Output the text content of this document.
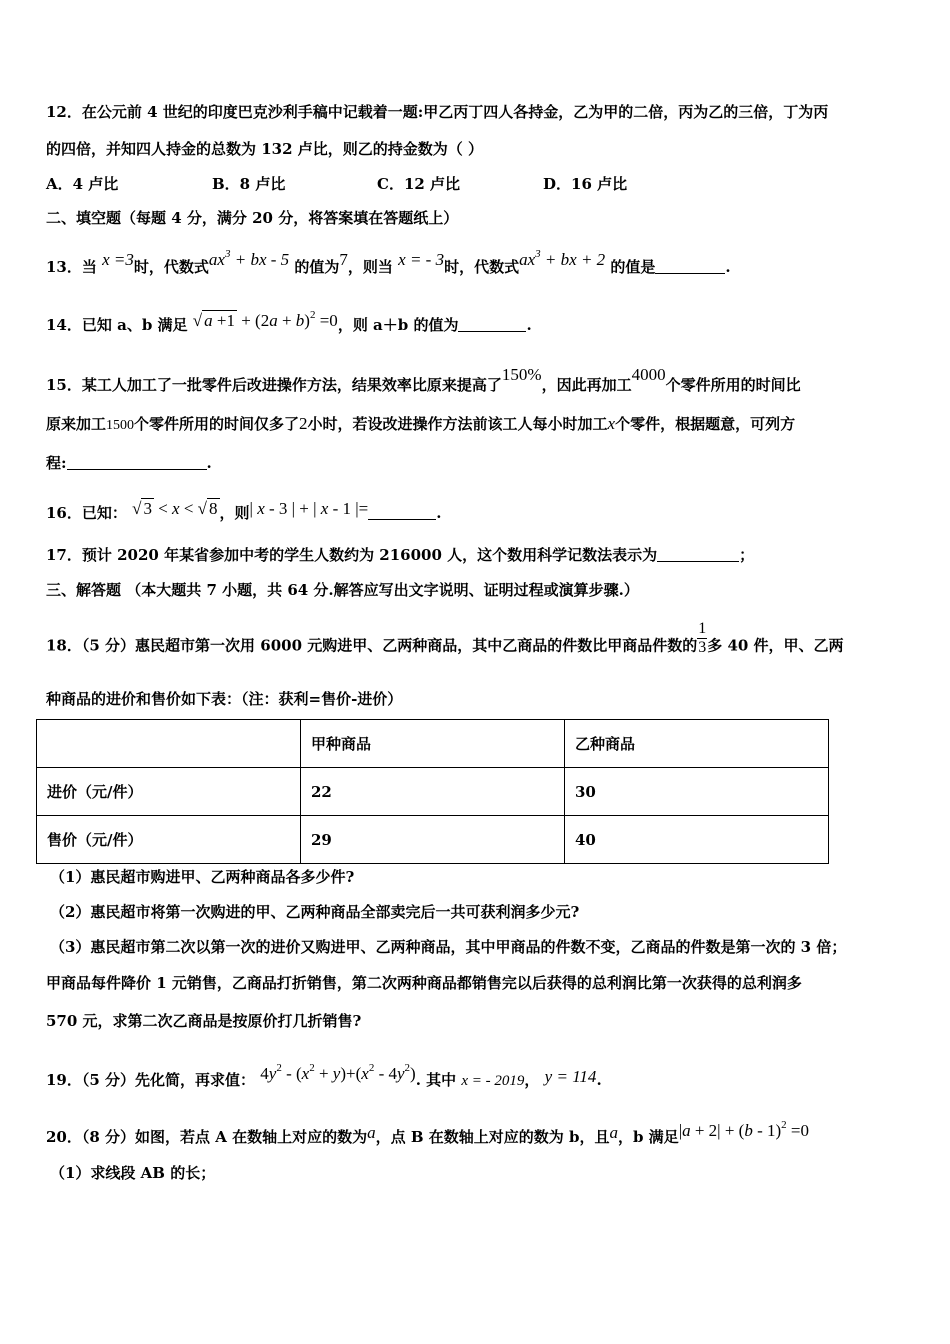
12．在公元前 4 世纪的印度巴克沙利手稿中记载着一题:甲乙丙丁四人各持金，乙为甲的二倍，丙为乙的三倍，丁为丙
的四倍，并知四人持金的总数为 132 卢比，则乙的持金数为（ ）
A．4 卢比	B．8 卢比	C．12 卢比	D．16 卢比
二、填空题（每题 4 分，满分 20 分，将答案填在答题纸上）
13．当 x =3时，代数式$ax^3$ + bx - 5 的值为7，则当 x = - 3时，代数式$ax^3$ + bx + 2 的值是	.
14．已知 a、b 满足 √ $a +1 + (2a + b)^2 =0$，则 a＋b 的值为	.
15．某工人加工了一批零件后改进操作方法，结果效率比原来提高了150%，因此再加工4000个零件所用的时间比
原来加工1500个零件所用的时间仅多了2小时，若设改进操作方法前该工人每小时加工x个零件，根据题意，可列方
程:	.
16．已知： √ 3 < x < √ 8 ，则| x - 3 | + | x - 1 |=	.
17．预计 2020 年某省参加中考的学生人数约为 216000 人，这个数用科学记数法表示为	；
三、解答题 （本大题共 7 小题，共 64 分.解答应写出文字说明、证明过程或演算步骤.）
18．（5 分）惠民超市第一次用 6000 元购进甲、乙两种商品，其中乙商品的件数比甲商品件数的 $\frac{1}{3}$多 40 件，甲、乙两
种商品的进价和售价如下表：（注：获利=售价-进价）
	甲种商品	乙种商品
进价（元/件）	22	30
售价（元/件）	29	40
（1）惠民超市购进甲、乙两种商品各多少件?
（2）惠民超市将第一次购进的甲、乙两种商品全部卖完后一共可获利润多少元?
（3）惠民超市第二次以第一次的进价又购进甲、乙两种商品，其中甲商品的件数不变，乙商品的件数是第一次的 3 倍；
甲商品每件降价 1 元销售，乙商品打折销售，第二次两种商品都销售完以后获得的总利润比第一次获得的总利润多
570 元，求第二次乙商品是按原价打几折销售?
19．（5 分）先化简，再求值： $4y^2 - (x^2 + y)+(x^2 - 4y^2)$. 其中 x = - 2019， y = 114.
20．（8 分）如图，若点 A 在数轴上对应的数为a，点 B 在数轴上对应的数为 b，且a，b 满足|a + 2| + (b - 1)$^2$ =0
（1）求线段 AB 的长；
